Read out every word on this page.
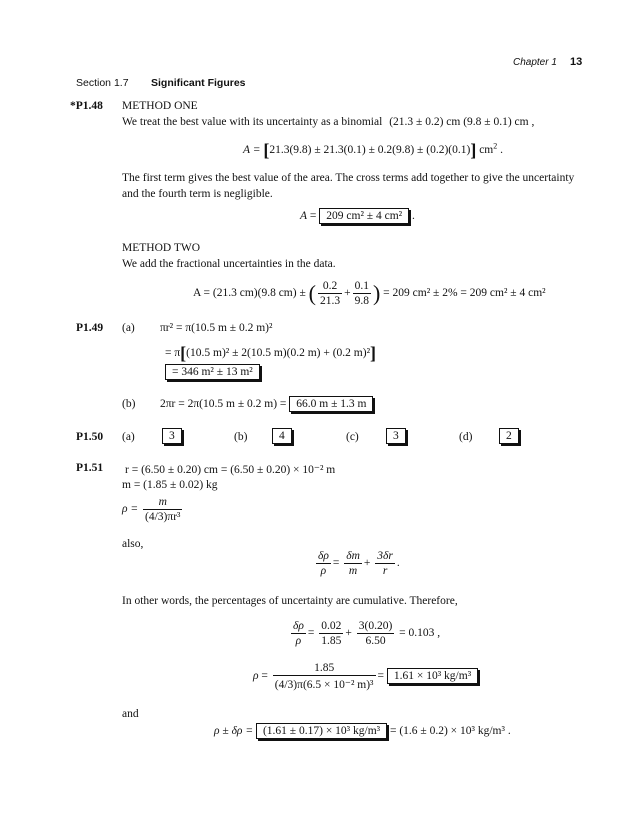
Chapter 1 13
Section 1.7 Significant Figures
*P1.48 METHOD ONE
We treat the best value with its uncertainty as a binomial (21.3 ± 0.2) cm (9.8 ± 0.1) cm ,
A = [21.3(9.8) ± 21.3(0.1) ± 0.2(9.8) ± (0.2)(0.1)] $cm^2$ .
The first term gives the best value of the area. The cross terms add together to give the uncertainty
and the fourth term is negligible.
A = 209 cm² ± 4 cm² .
METHOD TWO
We add the fractional uncertainties in the data.
A = (21.3 cm)(9.8 cm) ± ( $\frac{0.2}{21.3} + \frac{0.1}{9.8}$ ) = 209 cm² ± 2% = 209 cm² ± 4 cm²
P1.49 (a) πr² = π(10.5 m ± 0.2 m)²
= π[(10.5 m)² ± 2(10.5 m)(0.2 m) + (0.2 m)²]
= 346 m² ± 13 m²
(b) 2πr = 2π(10.5 m ± 0.2 m) = 66.0 m ± 1.3 m
P1.50 (a)	3	(b)	4	(c)	3	(d)	2
P1.51 r = (6.50 ± 0.20) cm = (6.50 ± 0.20) × 10⁻² m
m = (1.85 ± 0.02) kg
$\rho = \frac{m}{\text{(4/3)πr³}}$
also,
$\frac{\delta\rho}{\rho} = \frac{\delta m}{m} + \frac{3\delta r}{r}$ .
In other words, the percentages of uncertainty are cumulative. Therefore,
$\frac{\delta\rho}{\rho} = \frac{0.02}{1.85} + \frac{3(0.20)}{6.50} = 0.103$ ,
$\rho = \frac{1.85}{\text{(4/3)π(6.5 × 10⁻² m)³}} = 1.61 \times 10^3$ kg/m³
and
ρ ± δρ = (1.61 ± 0.17) × 10³ kg/m³ = (1.6 ± 0.2) × 10³ kg/m³ .
